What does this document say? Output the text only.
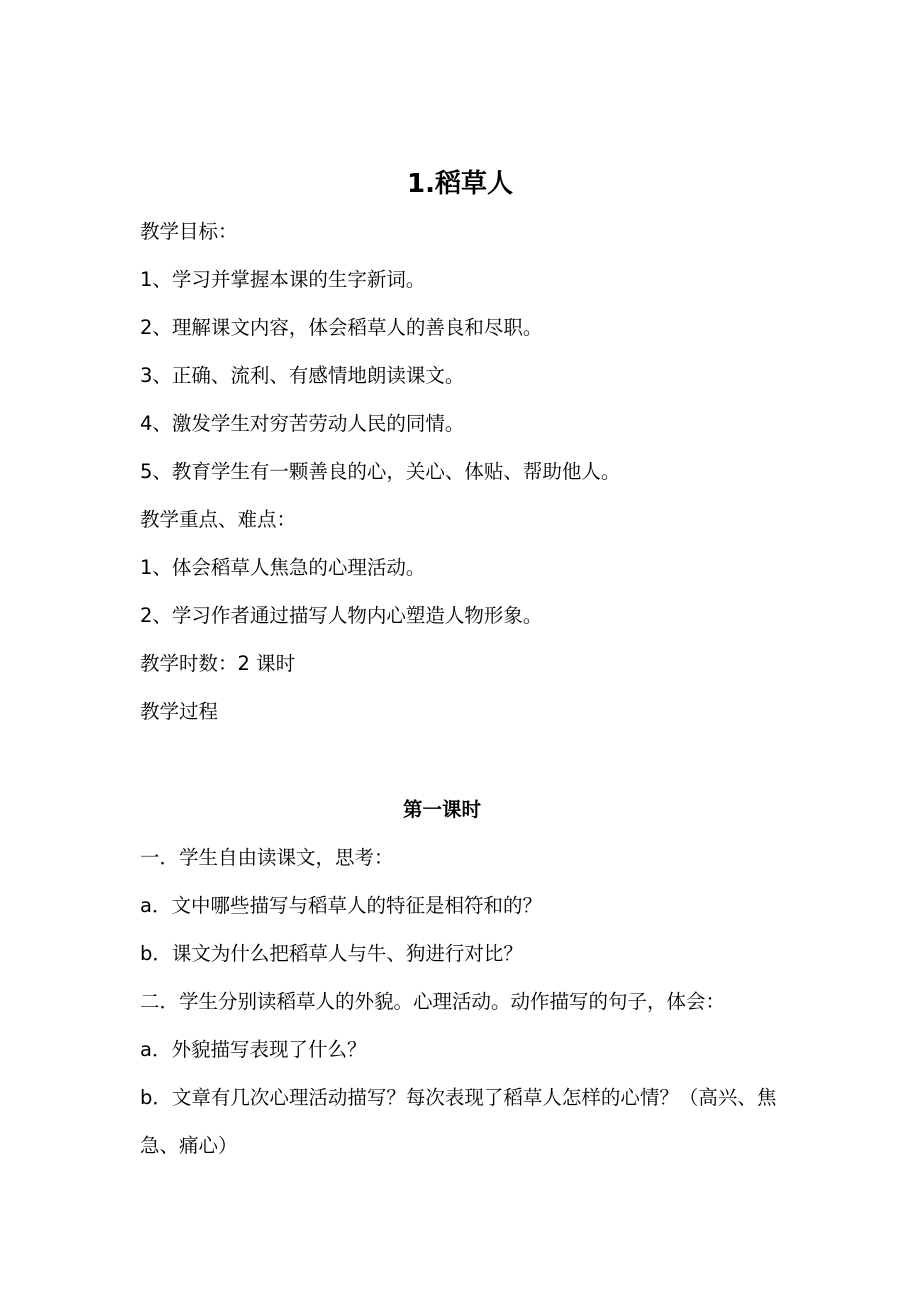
1.稻草人
教学目标：
1、学习并掌握本课的生字新词。
2、理解课文内容，体会稻草人的善良和尽职。
3、正确、流利、有感情地朗读课文。
4、激发学生对穷苦劳动人民的同情。
5、教育学生有一颗善良的心，关心、体贴、帮助他人。
教学重点、难点：
1、体会稻草人焦急的心理活动。
2、学习作者通过描写人物内心塑造人物形象。
教学时数：2 课时
教学过程
第一课时
一．学生自由读课文，思考：
a．文中哪些描写与稻草人的特征是相符和的？
b．课文为什么把稻草人与牛、狗进行对比？
二．学生分别读稻草人的外貌。心理活动。动作描写的句子，体会：
a．外貌描写表现了什么？
b．文章有几次心理活动描写？每次表现了稻草人怎样的心情？（高兴、焦急、痛心）
